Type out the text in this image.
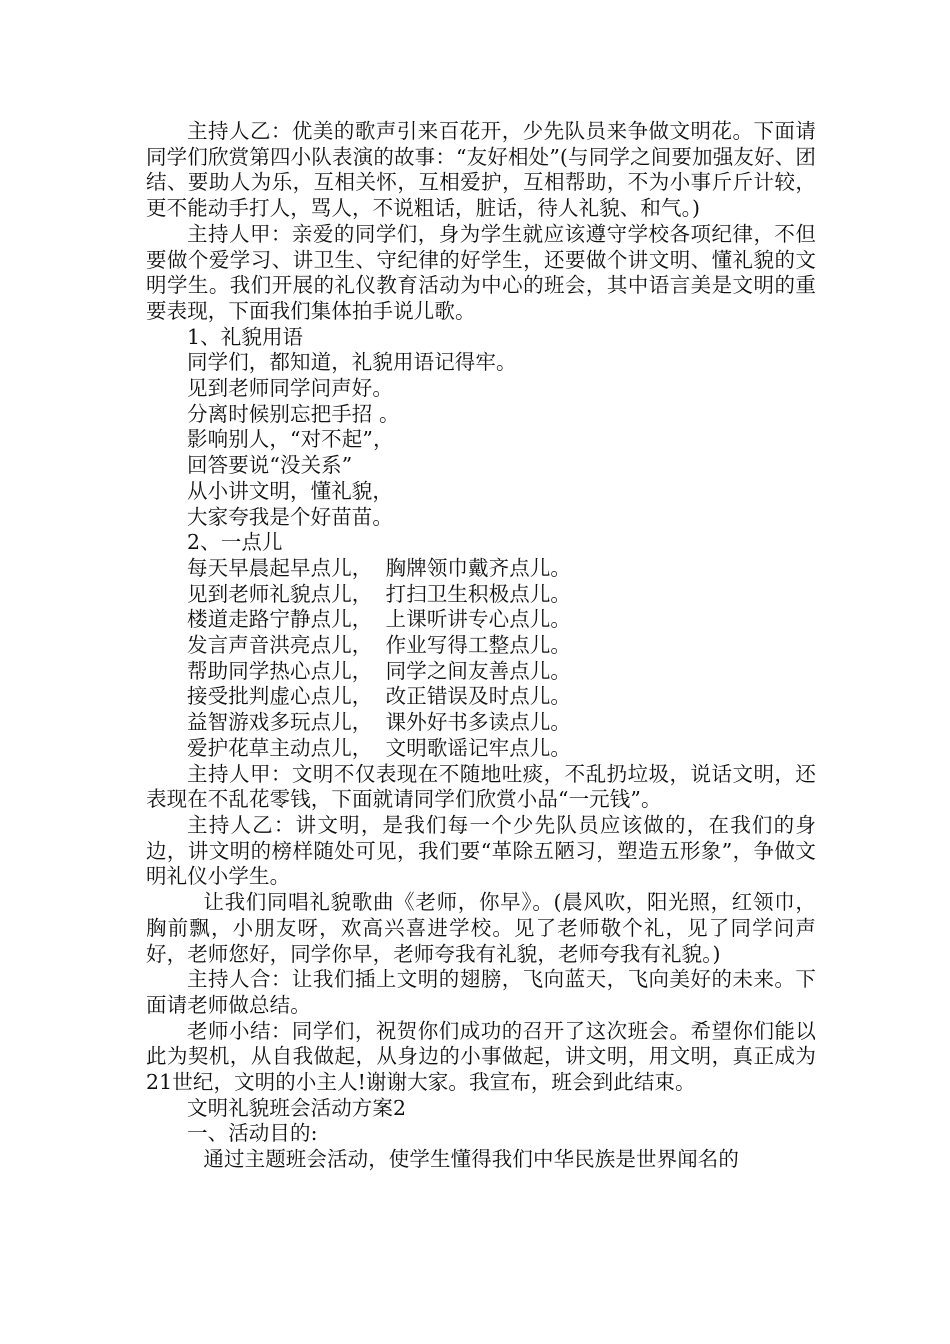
主持人乙：优美的歌声引来百花开，少先队员来争做文明花。下面请同学们欣赏第四小队表演的故事：“友好相处”(与同学之间要加强友好、团结、要助人为乐，互相关怀，互相爱护，互相帮助，不为小事斤斤计较，更不能动手打人，骂人，不说粗话，脏话，待人礼貌、和气。)

主持人甲：亲爱的同学们，身为学生就应该遵守学校各项纪律，不但要做个爱学习、讲卫生、守纪律的好学生，还要做个讲文明、懂礼貌的文明学生。我们开展的礼仪教育活动为中心的班会，其中语言美是文明的重要表现，下面我们集体拍手说儿歌。

1、礼貌用语
同学们，都知道，礼貌用语记得牢。
见到老师同学问声好。
分离时候别忘把手招 。
影响别人，“对不起”，
回答要说“没关系”
从小讲文明，懂礼貌，
大家夸我是个好苗苗。
2、一点儿
每天早晨起早点儿，  胸牌领巾戴齐点儿。
见到老师礼貌点儿，  打扫卫生积极点儿。
楼道走路宁静点儿，  上课听讲专心点儿。
发言声音洪亮点儿，  作业写得工整点儿。
帮助同学热心点儿，  同学之间友善点儿。
接受批判虚心点儿，  改正错误及时点儿。
益智游戏多玩点儿，  课外好书多读点儿。
爱护花草主动点儿，  文明歌谣记牢点儿。

主持人甲：文明不仅表现在不随地吐痰，不乱扔垃圾，说话文明，还表现在不乱花零钱，下面就请同学们欣赏小品“一元钱”。

主持人乙：讲文明，是我们每一个少先队员应该做的，在我们的身边，讲文明的榜样随处可见，我们要“革除五陋习，塑造五形象”，争做文明礼仪小学生。

让我们同唱礼貌歌曲《老师，你早》。(晨风吹，阳光照，红领巾，胸前飘，小朋友呀，欢高兴喜进学校。见了老师敬个礼，见了同学问声好，老师您好，同学你早，老师夸我有礼貌，老师夸我有礼貌。)

主持人合：让我们插上文明的翅膀，飞向蓝天，飞向美好的未来。下面请老师做总结。

老师小结：同学们，祝贺你们成功的召开了这次班会。希望你们能以此为契机，从自我做起，从身边的小事做起，讲文明，用文明，真正成为21世纪，文明的小主人!谢谢大家。我宣布，班会到此结束。

文明礼貌班会活动方案2
一、活动目的:

通过主题班会活动，使学生懂得我们中华民族是世界闻名的
